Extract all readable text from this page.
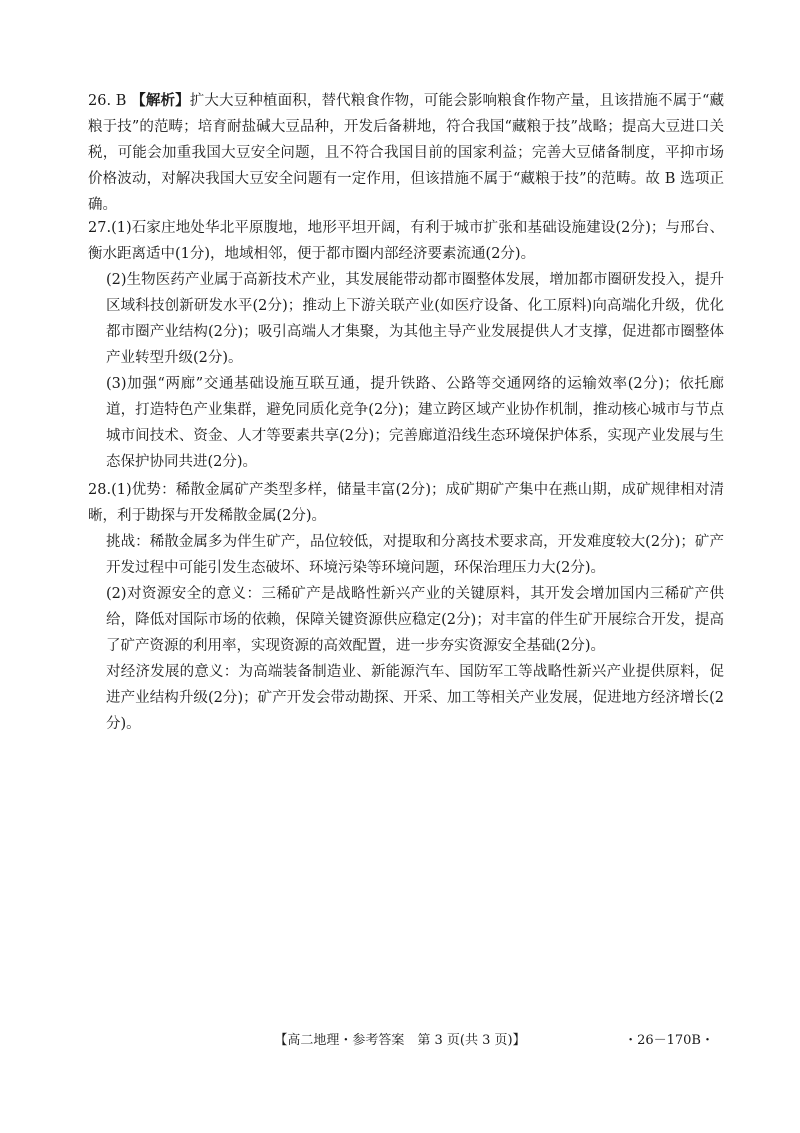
26. B 【解析】扩大大豆种植面积，替代粮食作物，可能会影响粮食作物产量，且该措施不属于“藏粮于技”的范畴；培育耐盐碱大豆品种，开发后备耕地，符合我国“藏粮于技”战略；提高大豆进口关税，可能会加重我国大豆安全问题，且不符合我国目前的国家利益；完善大豆储备制度，平抑市场价格波动，对解决我国大豆安全问题有一定作用，但该措施不属于“藏粮于技”的范畴。故 B 选项正确。

27.(1)石家庄地处华北平原腹地，地形平坦开阔，有利于城市扩张和基础设施建设(2分)；与邢台、衡水距离适中(1分)，地域相邻，便于都市圈内部经济要素流通(2分)。

(2)生物医药产业属于高新技术产业，其发展能带动都市圈整体发展，增加都市圈研发投入，提升区域科技创新研发水平(2分)；推动上下游关联产业(如医疗设备、化工原料)向高端化升级，优化都市圈产业结构(2分)；吸引高端人才集聚，为其他主导产业发展提供人才支撑，促进都市圈整体产业转型升级(2分)。

(3)加强“两廊”交通基础设施互联互通，提升铁路、公路等交通网络的运输效率(2分)；依托廊道，打造特色产业集群，避免同质化竞争(2分)；建立跨区域产业协作机制，推动核心城市与节点城市间技术、资金、人才等要素共享(2分)；完善廊道沿线生态环境保护体系，实现产业发展与生态保护协同共进(2分)。

28.(1)优势：稀散金属矿产类型多样，储量丰富(2分)；成矿期矿产集中在燕山期，成矿规律相对清晰，利于勘探与开发稀散金属(2分)。

挑战：稀散金属多为伴生矿产，品位较低，对提取和分离技术要求高，开发难度较大(2分)；矿产开发过程中可能引发生态破坏、环境污染等环境问题，环保治理压力大(2分)。

(2)对资源安全的意义：三稀矿产是战略性新兴产业的关键原料，其开发会增加国内三稀矿产供给，降低对国际市场的依赖，保障关键资源供应稳定(2分)；对丰富的伴生矿开展综合开发，提高了矿产资源的利用率，实现资源的高效配置，进一步夯实资源安全基础(2分)。

对经济发展的意义：为高端装备制造业、新能源汽车、国防军工等战略性新兴产业提供原料，促进产业结构升级(2分)；矿产开发会带动勘探、开采、加工等相关产业发展，促进地方经济增长(2分)。

【高二地理・参考答案　第 3 页(共 3 页)】	・26－170B・
